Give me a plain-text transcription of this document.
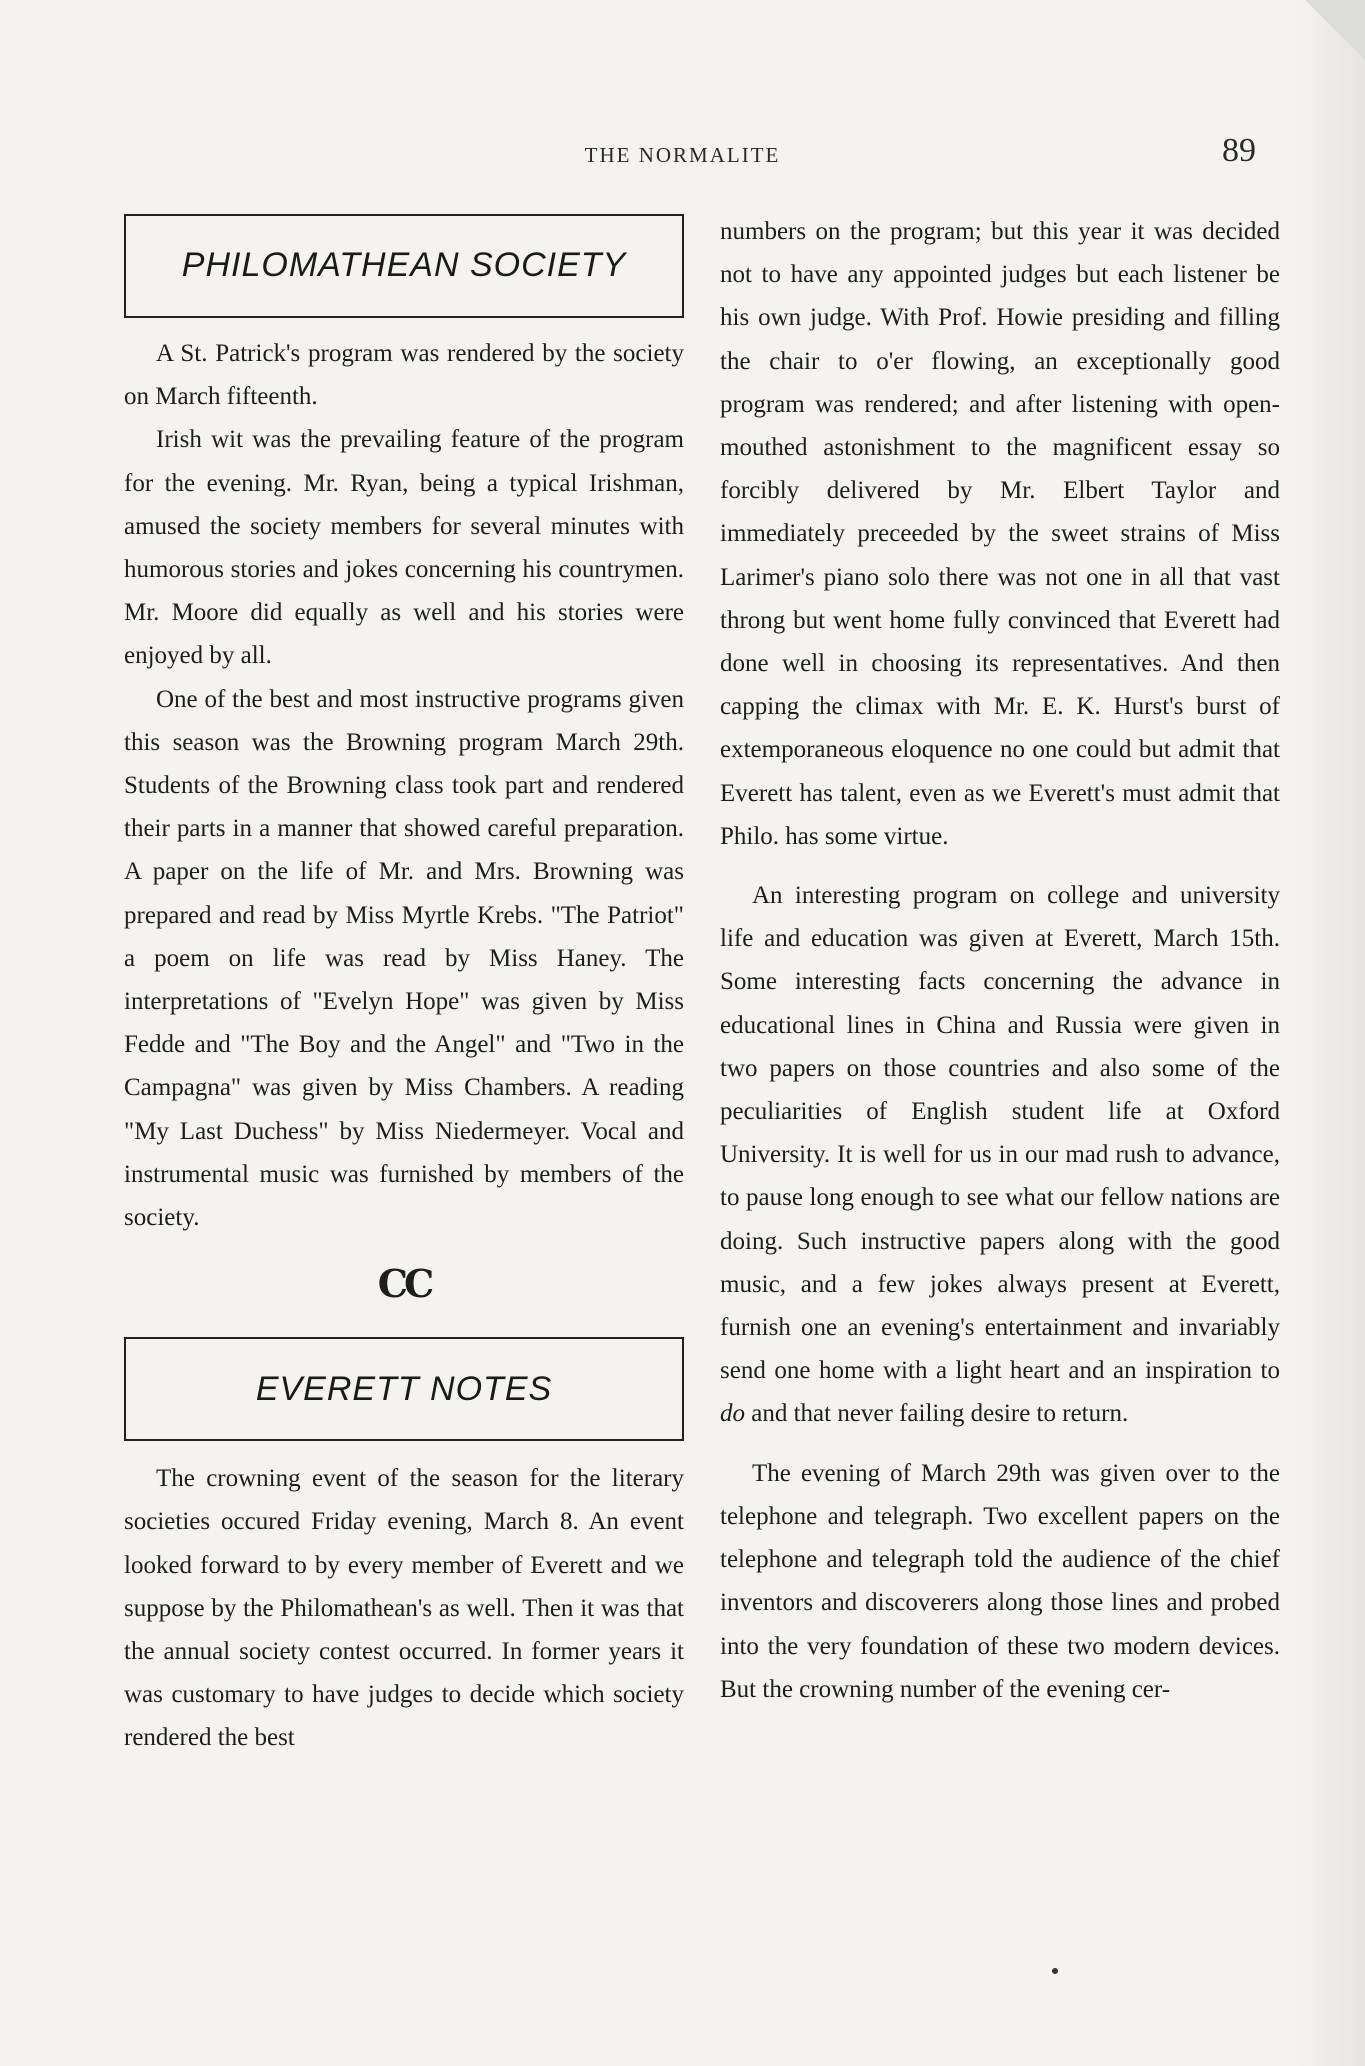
THE NORMALITE	89
PHILOMATHEAN SOCIETY

A St. Patrick's program was rendered by the society on March fifteenth.

Irish wit was the prevailing feature of the program for the evening. Mr. Ryan, being a typical Irishman, amused the society members for several minutes with humorous stories and jokes concerning his countrymen. Mr. Moore did equally as well and his stories were enjoyed by all.

One of the best and most instructive programs given this season was the Browning program March 29th. Students of the Browning class took part and rendered their parts in a manner that showed careful preparation. A paper on the life of Mr. and Mrs. Browning was prepared and read by Miss Myrtle Krebs. "The Patriot" a poem on life was read by Miss Haney. The interpretations of "Evelyn Hope" was given by Miss Fedde and "The Boy and the Angel" and "Two in the Campagna" was given by Miss Chambers. A reading "My Last Duchess" by Miss Niedermeyer. Vocal and instrumental music was furnished by members of the society.

CC
EVERETT NOTES

The crowning event of the season for the literary societies occured Friday evening, March 8. An event looked forward to by every member of Everett and we suppose by the Philomathean's as well. Then it was that the annual society contest occurred. In former years it was customary to have judges to decide which society rendered the best

numbers on the program; but this year it was decided not to have any appointed judges but each listener be his own judge. With Prof. Howie presiding and filling the chair to o'er flowing, an exceptionally good program was rendered; and after listening with open-mouthed astonishment to the magnificent essay so forcibly delivered by Mr. Elbert Taylor and immediately preceeded by the sweet strains of Miss Larimer's piano solo there was not one in all that vast throng but went home fully convinced that Everett had done well in choosing its representatives. And then capping the climax with Mr. E. K. Hurst's burst of extemporaneous eloquence no one could but admit that Everett has talent, even as we Everett's must admit that Philo. has some virtue.

An interesting program on college and university life and education was given at Everett, March 15th. Some interesting facts concerning the advance in educational lines in China and Russia were given in two papers on those countries and also some of the peculiarities of English student life at Oxford University. It is well for us in our mad rush to advance, to pause long enough to see what our fellow nations are doing. Such instructive papers along with the good music, and a few jokes always present at Everett, furnish one an evening's entertainment and invariably send one home with a light heart and an inspiration to do and that never failing desire to return.

The evening of March 29th was given over to the telephone and telegraph. Two excellent papers on the telephone and telegraph told the audience of the chief inventors and discoverers along those lines and probed into the very foundation of these two modern devices. But the crowning number of the evening cer-
